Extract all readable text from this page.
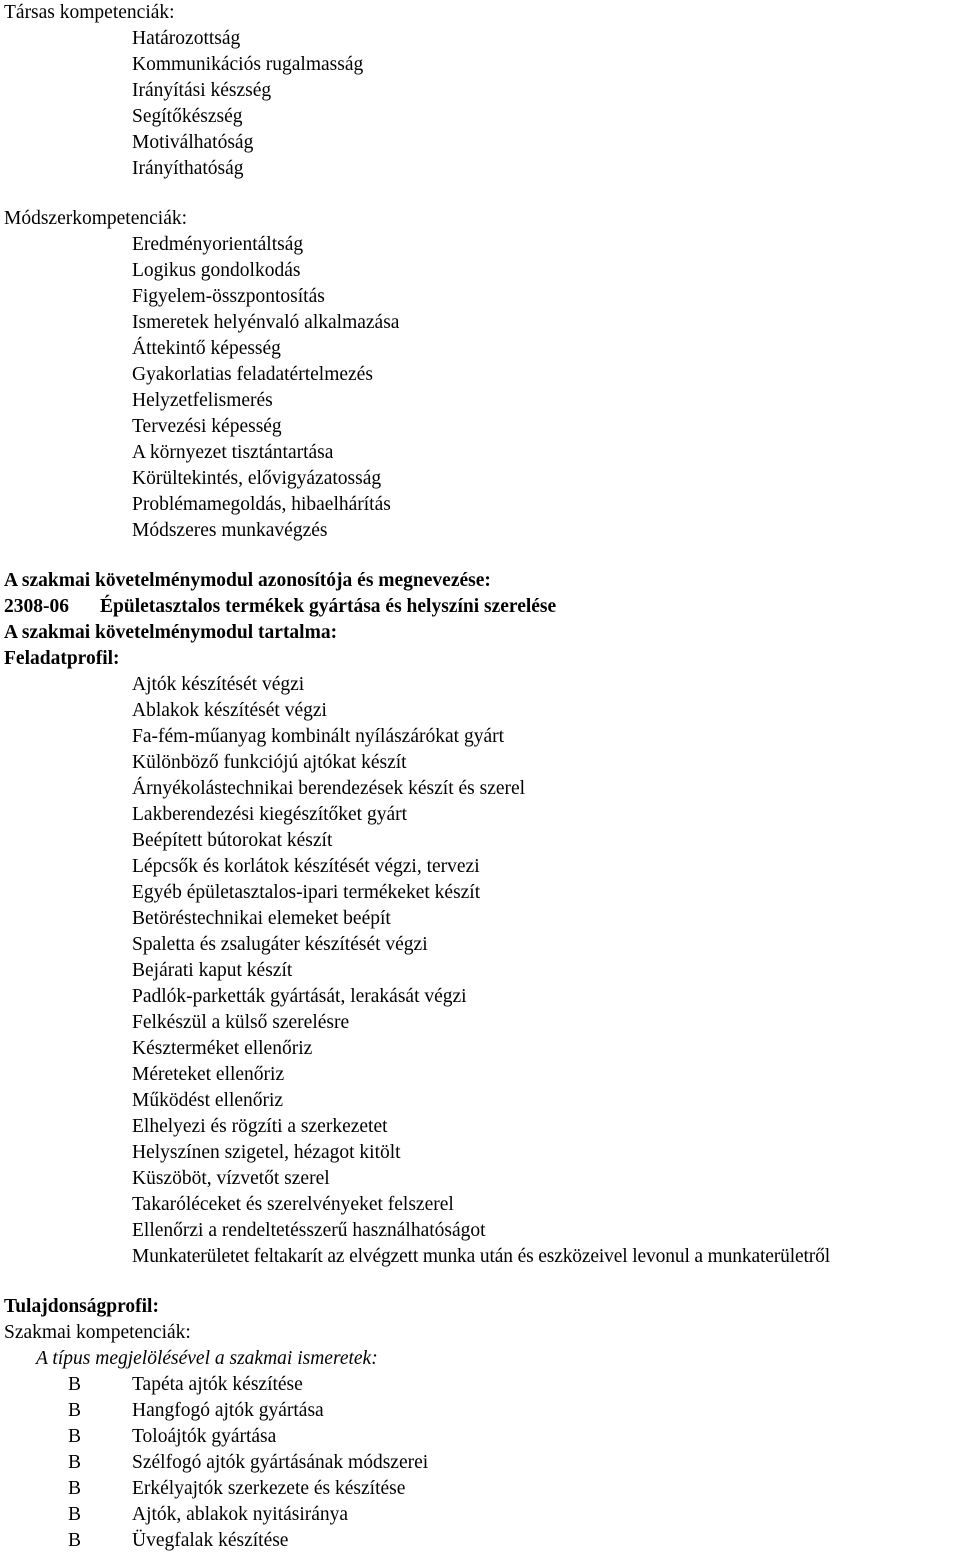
Társas kompetenciák:
Határozottság
Kommunikációs rugalmasság
Irányítási készség
Segítőkészség
Motiválhatóság
Irányíthatóság
Módszerkompetenciák:
Eredményorientáltság
Logikus gondolkodás
Figyelem-összpontosítás
Ismeretek helyénvaló alkalmazása
Áttekintő képesség
Gyakorlatias feladatértelmezés
Helyzetfelismerés
Tervezési képesség
A környezet tisztántartása
Körültekintés, elővigyázatosság
Problémamegoldás, hibaelhárítás
Módszeres munkavégzés
A szakmai követelménymodul azonosítója és megnevezése:
2308-06	Épületasztalos termékek gyártása és helyszíni szerelése
A szakmai követelménymodul tartalma:
Feladatprofil:
Ajtók készítését végzi
Ablakok készítését végzi
Fa-fém-műanyag kombinált nyílászárókat gyárt
Különböző funkciójú ajtókat készít
Árnyékolástechnikai berendezések készít és szerel
Lakberendezési kiegészítőket gyárt
Beépített bútorokat készít
Lépcsők és korlátok készítését végzi, tervezi
Egyéb épületasztalos-ipari termékeket készít
Betöréstechnikai elemeket beépít
Spaletta és zsalugáter készítését végzi
Bejárati kaput készít
Padlók-parketták gyártását, lerakását végzi
Felkészül a külső szerelésre
Készterméket ellenőriz
Méreteket ellenőriz
Működést ellenőriz
Elhelyezi és rögzíti a szerkezetet
Helyszínen szigetel, hézagot kitölt
Küszöböt, vízvetőt szerel
Takaróléceket és szerelvényeket felszerel
Ellenőrzi a rendeltetésszerű használhatóságot
Munkaterületet feltakarít az elvégzett munka után és eszközeivel levonul a munkaterületről
Tulajdonságprofil:
Szakmai kompetenciák:
A típus megjelölésével a szakmai ismeretek:
B	Tapéta ajtók készítése
B	Hangfogó ajtók gyártása
B	Toloájtók gyártása
B	Szélfogó ajtók gyártásának módszerei
B	Erkélyajtók szerkezete és készítése
B	Ajtók, ablakok nyitásiránya
B	Üvegfalak készítése
